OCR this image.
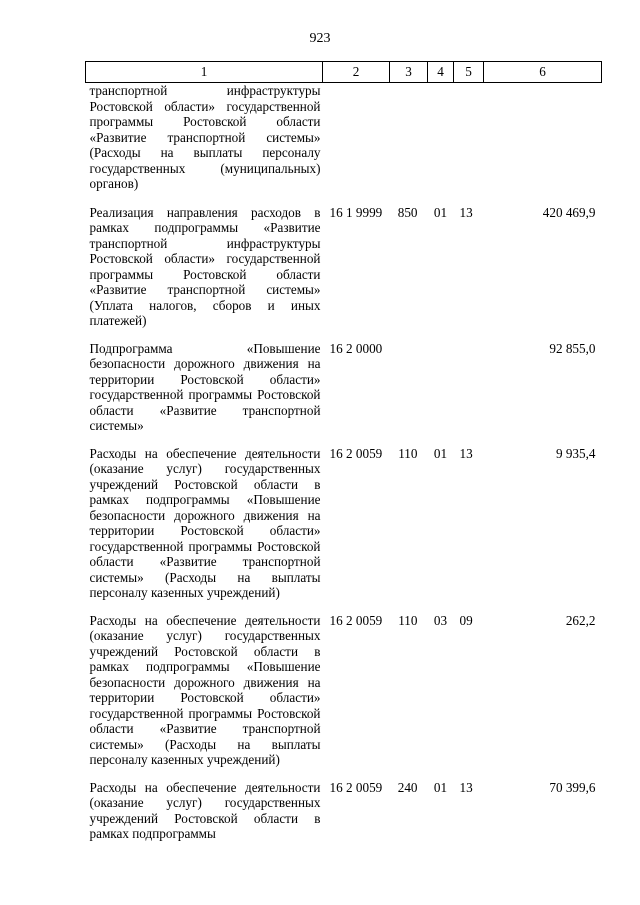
923
1	2	3	4	5	6
транспортной инфраструктуры Ростовской области» государственной программы Ростовской области «Развитие транспортной системы» (Расходы на выплаты персоналу государственных (муниципальных) органов)					
Реализация направления расходов в рамках подпрограммы «Развитие транспортной инфраструктуры Ростовской области» государственной программы Ростовской области «Развитие транспортной системы» (Уплата налогов, сборов и иных платежей)	16 1 9999	850	01	13	420 469,9
Подпрограмма «Повышение безопасности дорожного движения на территории Ростовской области» государственной программы Ростовской области «Развитие транспортной системы»	16 2 0000				92 855,0
Расходы на обеспечение деятельности (оказание услуг) государственных учреждений Ростовской области в рамках подпрограммы «Повышение безопасности дорожного движения на территории Ростовской области» государственной программы Ростовской области «Развитие транспортной системы» (Расходы на выплаты персоналу казенных учреждений)	16 2 0059	110	01	13	9 935,4
Расходы на обеспечение деятельности (оказание услуг) государственных учреждений Ростовской области в рамках подпрограммы «Повышение безопасности дорожного движения на территории Ростовской области» государственной программы Ростовской области «Развитие транспортной системы» (Расходы на выплаты персоналу казенных учреждений)	16 2 0059	110	03	09	262,2
Расходы на обеспечение деятельности (оказание услуг) государственных учреждений Ростовской области в рамках подпрограммы	16 2 0059	240	01	13	70 399,6
